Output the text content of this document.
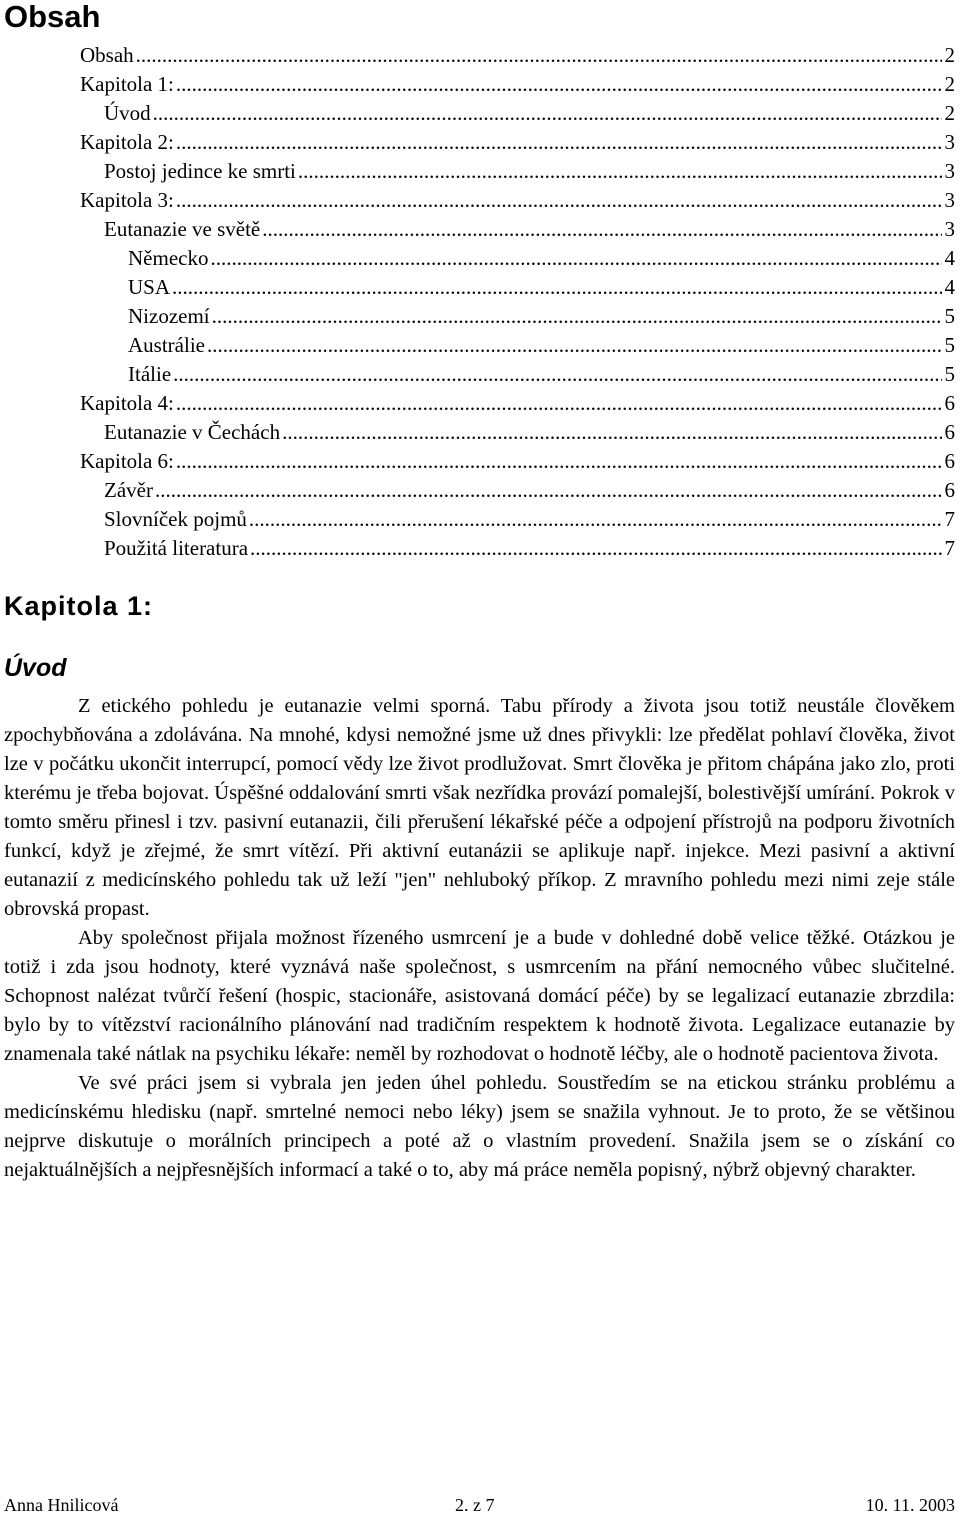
Obsah
Obsah .....	2
Kapitola 1: .....	2
Úvod .....	2
Kapitola 2: .....	3
Postoj jedince ke smrti .....	3
Kapitola 3: .....	3
Eutanazie ve světě .....	3
Německo .....	4
USA .....	4
Nizozemí .....	5
Austrálie .....	5
Itálie .....	5
Kapitola 4: .....	6
Eutanazie v Čechách .....	6
Kapitola 6: .....	6
Závěr .....	6
Slovníček pojmů .....	7
Použitá literatura .....	7
Kapitola 1:
Úvod

Z etického pohledu je eutanazie velmi sporná. Tabu přírody a života jsou totiž neustále člověkem zpochybňována a zdolávána. Na mnohé, kdysi nemožné jsme už dnes přivykli: lze předělat pohlaví člověka, život lze v počátku ukončit interrupcí, pomocí vědy lze život prodlužovat. Smrt člověka je přitom chápána jako zlo, proti kterému je třeba bojovat. Úspěšné oddalování smrti však nezřídka provází pomalejší, bolestivější umírání. Pokrok v tomto směru přinesl i tzv. pasivní eutanazii, čili přerušení lékařské péče a odpojení přístrojů na podporu životních funkcí, když je zřejmé, že smrt vítězí. Při aktivní eutanázii se aplikuje např. injekce. Mezi pasivní a aktivní eutanazií z medicínského pohledu tak už leží "jen" nehluboký příkop. Z mravního pohledu mezi nimi zeje stále obrovská propast.

Aby společnost přijala možnost řízeného usmrcení je a bude v dohledné době velice těžké. Otázkou je totiž i zda jsou hodnoty, které vyznává naše společnost, s usmrcením na přání nemocného vůbec slučitelné. Schopnost nalézat tvůrčí řešení (hospic, stacionáře, asistovaná domácí péče) by se legalizací eutanazie zbrzdila: bylo by to vítězství racionálního plánování nad tradičním respektem k hodnotě života. Legalizace eutanazie by znamenala také nátlak na psychiku lékaře: neměl by rozhodovat o hodnotě léčby, ale o hodnotě pacientova života.

Ve své práci jsem si vybrala jen jeden úhel pohledu. Soustředím se na etickou stránku problému a medicínskému hledisku (např. smrtelné nemoci nebo léky) jsem se snažila vyhnout. Je to proto, že se většinou nejprve diskutuje o morálních principech a poté až o vlastním provedení. Snažila jsem se o získání co nejaktuálnějších a nejpřesnějších informací a také o to, aby má práce neměla popisný, nýbrž objevný charakter.

Anna Hnilicová	2. z 7	10. 11. 2003
